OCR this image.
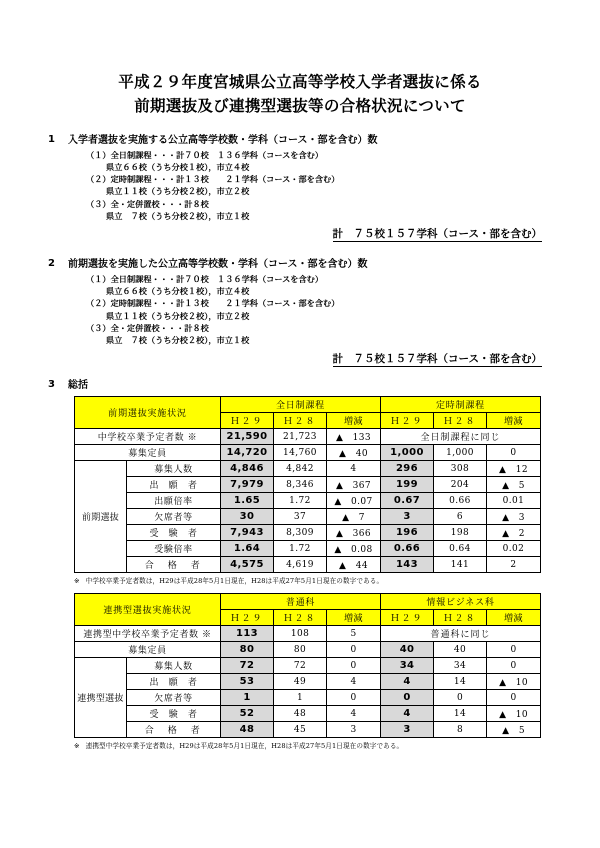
平成２９年度宮城県公立高等学校入学者選抜に係る
前期選抜及び連携型選抜等の合格状況について
1	入学者選抜を実施する公立高等学校数・学科（コース・部を含む）数
（１）全日制課程・・・計７０校　１３６学科（コースを含む）
県立６６校（うち分校１校），市立４校
（２）定時制課程・・・計１３校　　２１学科（コース・部を含む）
県立１１校（うち分校２校），市立２校
（３）全・定併置校・・・計８校
県立　７校（うち分校２校），市立１校
計　７５校１５７学科（コース・部を含む）
2	前期選抜を実施した公立高等学校数・学科（コース・部を含む）数
（１）全日制課程・・・計７０校　１３６学科（コースを含む）
県立６６校（うち分校１校），市立４校
（２）定時制課程・・・計１３校　　２１学科（コース・部を含む）
県立１１校（うち分校２校），市立２校
（３）全・定併置校・・・計８校
県立　７校（うち分校２校），市立１校
計　７５校１５７学科（コース・部を含む）
3	総括
前期選抜実施状況		全日制課程			定時制課程		
		Ｈ２９	Ｈ２８	増減	Ｈ２９	Ｈ２８	増減
中学校卒業予定者数 ※		21,590	21,723	▲　133	全日制課程に同じ		
募集定員		14,720	14,760	▲　40	1,000	1,000	0
前期選抜	募集人数	4,846	4,842	4	296	308	▲　12
	出　願　者	7,979	8,346	▲　367	199	204	▲　5
	出願倍率	1.65	1.72	▲　0.07	0.67	0.66	0.01
	欠席者等	30	37	▲　7	3	6	▲　3
	受　験　者	7,943	8,309	▲　366	196	198	▲　2
	受験倍率	1.64	1.72	▲　0.08	0.66	0.64	0.02
	合　格　者	4,575	4,619	▲　44	143	141	2
※ 中学校卒業予定者数は，H29は平成28年5月1日現在，H28は平成27年5月1日現在の数字である。
連携型選抜実施状況		普通科			情報ビジネス科		
		Ｈ２９	Ｈ２８	増減	Ｈ２９	Ｈ２８	増減
連携型中学校卒業予定者数 ※		113	108	5	普通科に同じ		
募集定員		80	80	0	40	40	0
連携型選抜	募集人数	72	72	0	34	34	0
	出　願　者	53	49	4	4	14	▲　10
	欠席者等	1	1	0	0	0	0
	受　験　者	52	48	4	4	14	▲　10
	合　格　者	48	45	3	3	8	▲　5
※ 連携型中学校卒業予定者数は，H29は平成28年5月1日現在，H28は平成27年5月1日現在の数字である。
